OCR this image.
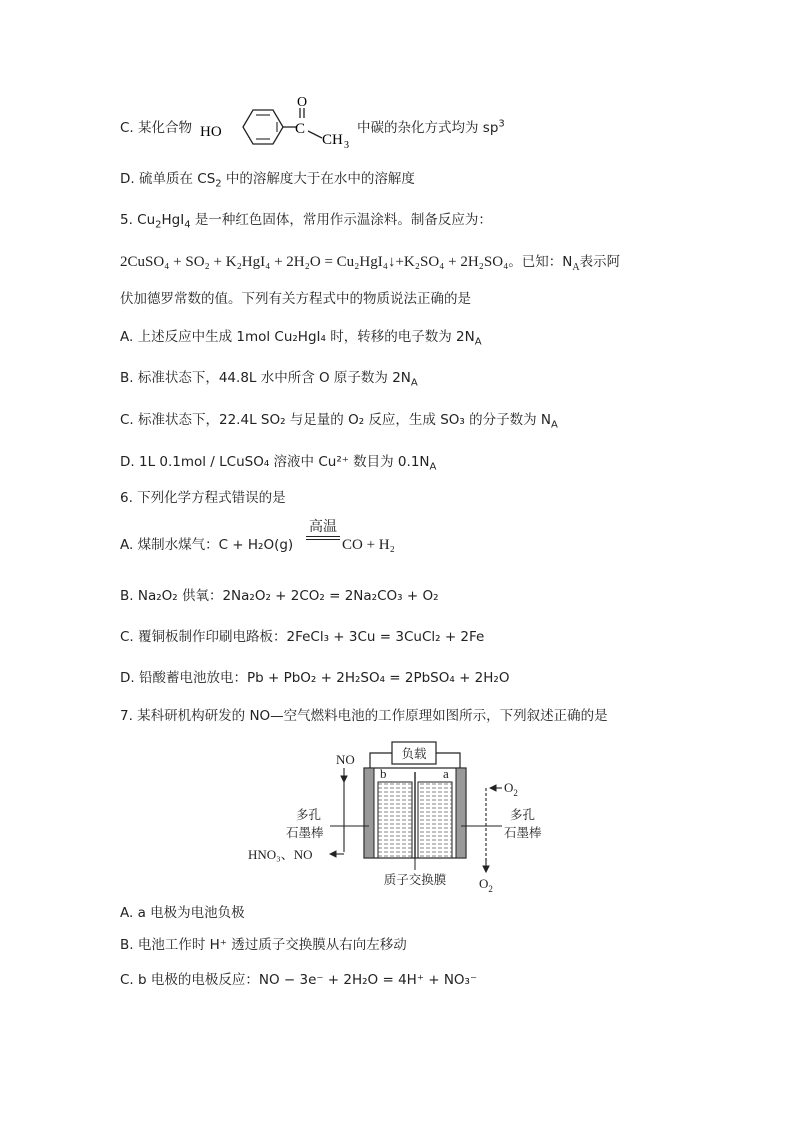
C. 某化合物 HO	C
O
CH 3
中碳的杂化方式均为 $sp^3$
D. 硫单质在 $CS_2$ 中的溶解度大于在水中的溶解度
5. $Cu_2HgI_4$ 是一种红色固体，常用作示温涂料。制备反应为：
2CuSO₄ + SO₂ + K₂HgI₄ + 2H₂O = Cu₂HgI₄↓+K₂SO₄ + 2H₂SO₄。已知：$N_A$表示阿
伏加德罗常数的值。下列有关方程式中的物质说法正确的是
A. 上述反应中生成 1mol Cu₂HgI₄ 时，转移的电子数为 $2N_A$
B. 标准状态下，44.8L 水中所含 O 原子数为 $2N_A$
C. 标准状态下，22.4L SO₂ 与足量的 O₂ 反应，生成 SO₃ 的分子数为 $N_A$
D. 1L 0.1mol / LCuSO₄ 溶液中 Cu²⁺ 数目为 $0.1N_A$
6. 下列化学方程式错误的是
A. 煤制水煤气：C + H₂O(g)
高温
CO + H₂
B. Na₂O₂ 供氧：2Na₂O₂ + 2CO₂ = 2Na₂CO₃ + O₂
C. 覆铜板制作印刷电路板：2FeCl₃ + 3Cu = 3CuCl₂ + 2Fe
D. 铅酸蓄电池放电：Pb + PbO₂ + 2H₂SO₄ = 2PbSO₄ + 2H₂O
7. 某科研机构研发的 NO—空气燃料电池的工作原理如图所示，下列叙述正确的是
负载
b	a
NO
$O_2$
$O_2$
多孔
石墨棒
多孔
石墨棒
HNO₃、NO
质子交换膜
A. a 电极为电池负极
B. 电池工作时 H⁺ 透过质子交换膜从右向左移动
C. b 电极的电极反应：NO − 3e⁻ + 2H₂O = 4H⁺ + NO₃⁻
